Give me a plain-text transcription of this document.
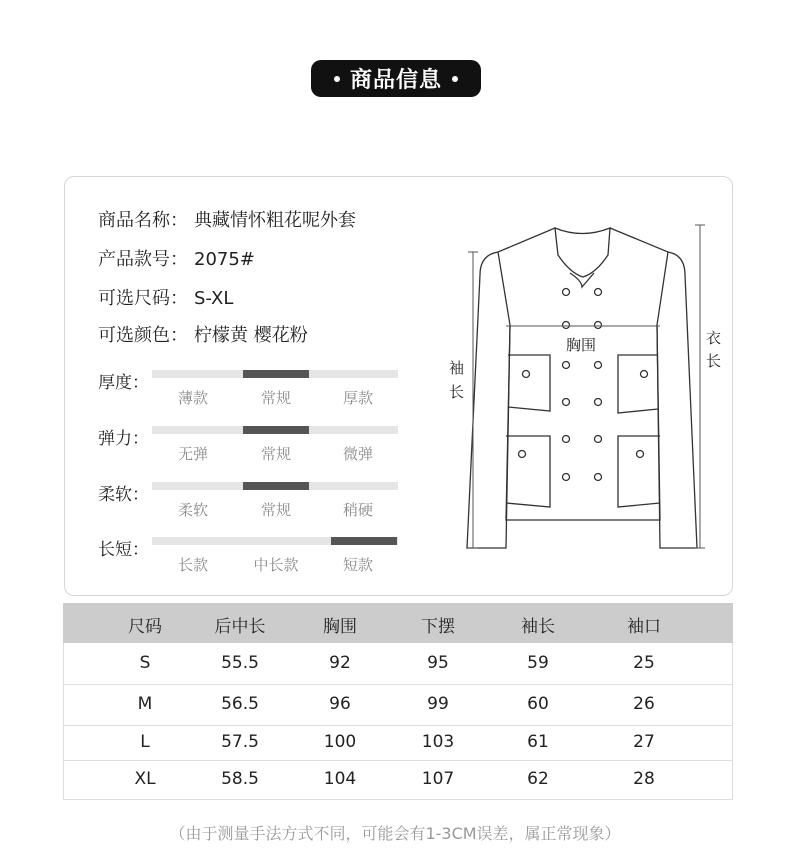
商品信息
商品名称： 典藏情怀粗花呢外套
产品款号： 2075#
可选尺码： S-XL
可选颜色： 柠檬黄 樱花粉
厚度：
薄款	常规	厚款
弹力：
无弹	常规	微弹
柔软：
柔软	常规	稍硬
长短：
长款	中长款	短款
胸围
袖
长
衣
长
尺码	后中长	胸围	下摆	袖长	袖口
S	55.5	92	95	59	25
M	56.5	96	99	60	26
L	57.5	100	103	61	27
XL	58.5	104	107	62	28
（由于测量手法方式不同，可能会有1-3CM误差，属正常现象）
